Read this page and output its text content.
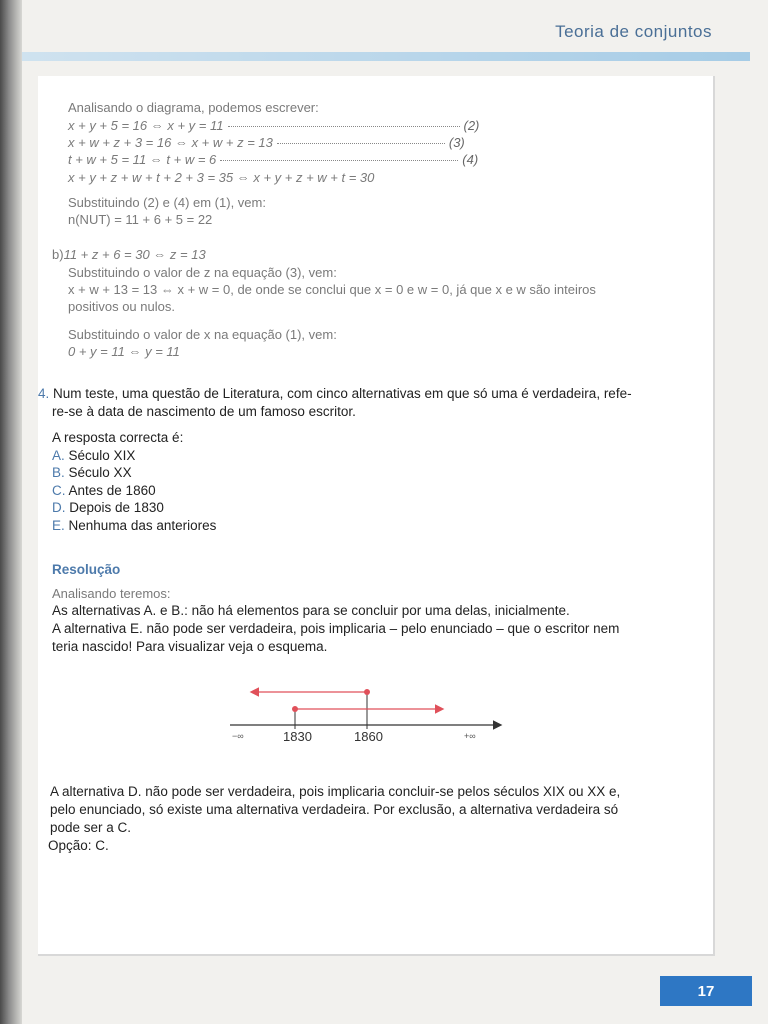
Teoria de conjuntos
Analisando o diagrama, podemos escrever:
x + y + 5 = 16 ⇔ x + y = 11	(2)
x + w + z + 3 = 16 ⇔ x + w + z = 13	(3)
t + w + 5 = 11 ⇔ t + w = 6	(4)
x + y + z + w + t + 2 + 3 = 35 ⇔ x + y + z + w + t = 30
Substituindo (2) e (4) em (1), vem:
n(NUT) = 11 + 6 + 5 = 22
b)11 + z + 6 = 30 ⇔ z = 13
Substituindo o valor de z na equação (3), vem:
x + w + 13 = 13 ⇔ x + w = 0, de onde se conclui que x = 0 e w = 0, já que x e w são inteiros
positivos ou nulos.
Substituindo o valor de x na equação (1), vem:
0 + y = 11 ⇔ y = 11
4. Num teste, uma questão de Literatura, com cinco alternativas em que só uma é verdadeira, refe-
re-se à data de nascimento de um famoso escritor.
A resposta correcta é:
A. Século XIX
B. Século XX
C. Antes de 1860
D. Depois de 1830
E. Nenhuma das anteriores
Resolução
Analisando teremos:
As alternativas A. e B.: não há elementos para se concluir por uma delas, inicialmente.
A alternativa E. não pode ser verdadeira, pois implicaria – pelo enunciado – que o escritor nem
teria nascido! Para visualizar veja o esquema.
−∞	1830	1860	+∞
A alternativa D. não pode ser verdadeira, pois implicaria concluir-se pelos séculos XIX ou XX e,
pelo enunciado, só existe uma alternativa verdadeira. Por exclusão, a alternativa verdadeira só
pode ser a C.
Opção: C.
17
